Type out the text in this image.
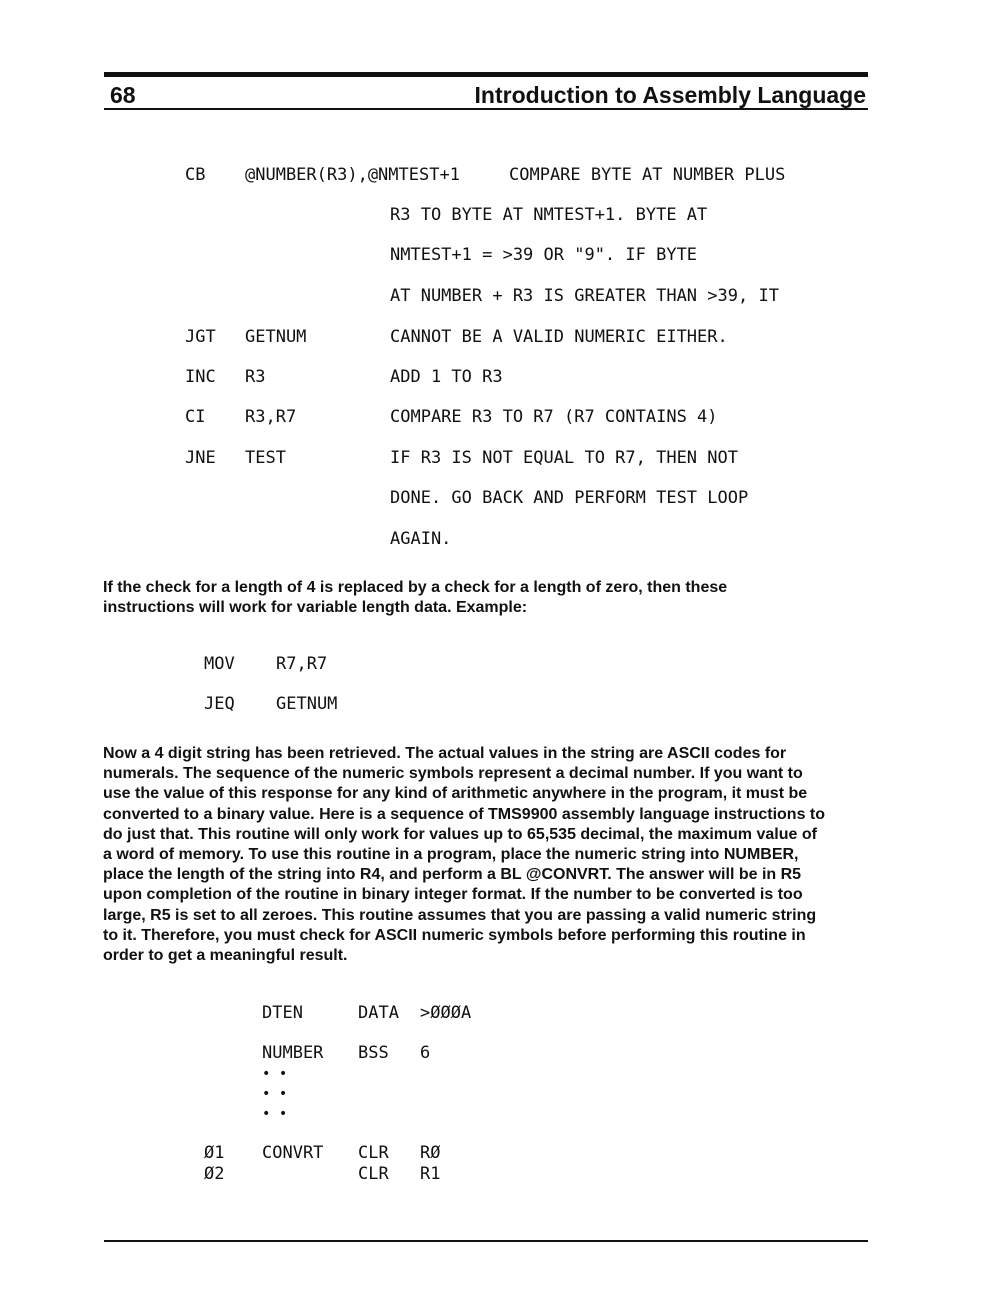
68	Introduction to Assembly Language
CB @NUMBER(R3),@NMTEST+1	COMPARE BYTE AT NUMBER PLUS
R3 TO BYTE AT NMTEST+1. BYTE AT
NMTEST+1 = >39 OR "9". IF BYTE
AT NUMBER + R3 IS GREATER THAN >39, IT
JGT GETNUM	CANNOT BE A VALID NUMERIC EITHER.
INC R3	ADD 1 TO R3
CI R3,R7	COMPARE R3 TO R7 (R7 CONTAINS 4)
JNE TEST	IF R3 IS NOT EQUAL TO R7, THEN NOT
DONE. GO BACK AND PERFORM TEST LOOP
AGAIN.
If the check for a length of 4 is replaced by a check for a length of zero, then these
instructions will work for variable length data. Example:
MOV R7,R7
JEQ GETNUM
Now a 4 digit string has been retrieved. The actual values in the string are ASCII codes for
numerals. The sequence of the numeric symbols represent a decimal number. If you want to
use the value of this response for any kind of arithmetic anywhere in the program, it must be
converted to a binary value. Here is a sequence of TMS9900 assembly language instructions to
do just that. This routine will only work for values up to 65,535 decimal, the maximum value of
a word of memory. To use this routine in a program, place the numeric string into NUMBER,
place the length of the string into R4, and perform a BL @CONVRT. The answer will be in R5
upon completion of the routine in binary integer format. If the number to be converted is too
large, R5 is set to all zeroes. This routine assumes that you are passing a valid numeric string
to it. Therefore, you must check for ASCII numeric symbols before performing this routine in
order to get a meaningful result.
DTEN	DATA >ØØØA
NUMBER BSS 6
• •
• •
• •
Ø1 CONVRT CLR RØ
Ø2	CLR R1
